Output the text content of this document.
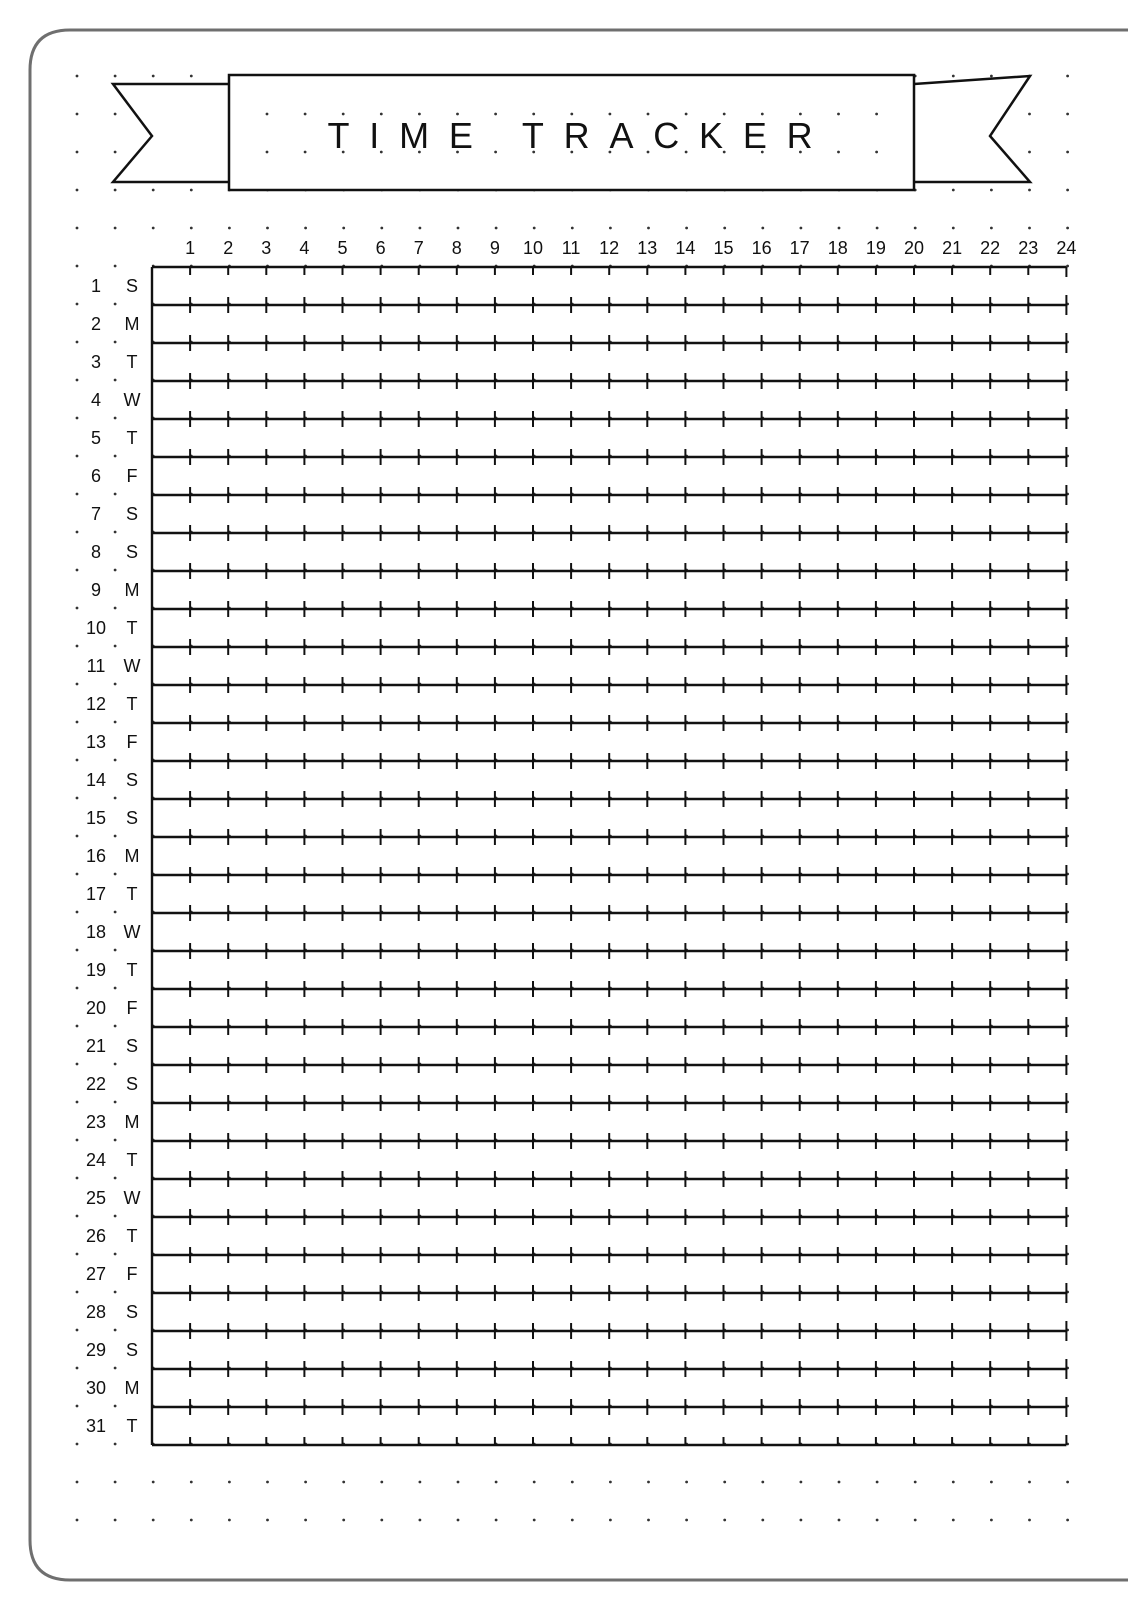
TIME TRACKER
1 2 3 4 5 6 7 8 9 10 11 12 13 14 15 16 17 18 19 20 21 22 23 24
1 S
2 M
3 T
4 W
5 T
6 F
7 S
8 S
9 M
10 T
11 W
12 T
13 F
14 S
15 S
16 M
17 T
18 W
19 T
20 F
21 S
22 S
23 M
24 T
25 W
26 T
27 F
28 S
29 S
30 M
31 T
